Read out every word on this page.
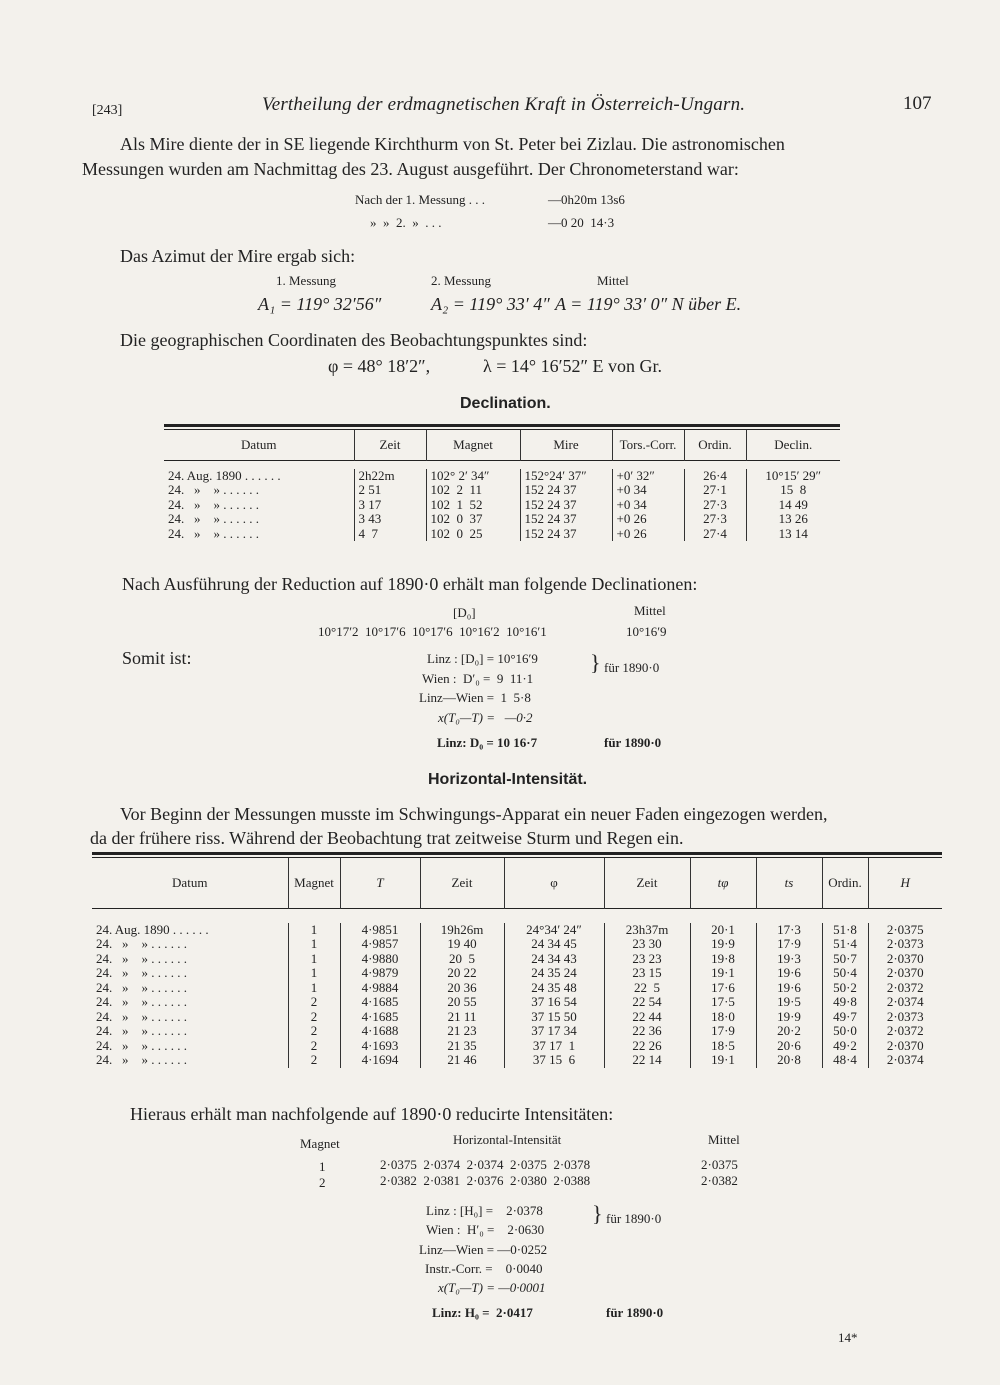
[243]	Vertheilung der erdmagnetischen Kraft in Österreich-Ungarn.	107
Als Mire diente der in SE liegende Kirchthurm von St. Peter bei Zizlau. Die astronomischen
Messungen wurden am Nachmittag des 23. August ausgeführt. Der Chronometerstand war:
Nach der 1. Messung . . .	—0h20m 13s6
»  »  2.  »  . . .	—0 20  14·3
Das Azimut der Mire ergab sich:
1. Messung	2. Messung	Mittel
A₁ = 119° 32′56″	A₂ = 119° 33′ 4″ A = 119° 33′ 0″ N über E.
Die geographischen Coordinaten des Beobachtungspunktes sind:
φ = 48° 18′2″,	λ = 14° 16′52″ E von Gr.
Declination.
Datum	Zeit	Magnet	Mire	Tors.-Corr.	Ordin.	Declin.

24. Aug. 1890 . . . . . .	2h22m	102° 2′ 34″	152°24′ 37″	+0′ 32″	26·4	10°15′ 29″
24.   »    » . . . . . .	2 51	102  2  11	152 24 37	+0 34	27·1	15  8
24.   »    » . . . . . .	3 17	102  1  52	152 24 37	+0 34	27·3	14 49
24.   »    » . . . . . .	3 43	102  0  37	152 24 37	+0 26	27·3	13 26
24.   »    » . . . . . .	4  7	102  0  25	152 24 37	+0 26	27·4	13 14

Nach Ausführung der Reduction auf 1890·0 erhält man folgende Declinationen:
[D₀]	Mittel
10°17′2  10°17′6  10°17′6  10°16′2  10°16′1	10°16′9
Somit ist:	Linz : [D₀] = 10°16′9
Wien :  D′₀ =  9  11·1
} für 1890·0
Linz—Wien =  1  5·8
x(T₀—T) =   —0·2
Linz: D₀ = 10 16·7	für 1890·0
Horizontal-Intensität.
Vor Beginn der Messungen musste im Schwingungs-Apparat ein neuer Faden eingezogen werden,
da der frühere riss. Während der Beobachtung trat zeitweise Sturm und Regen ein.
Datum	Magnet	T	Zeit	φ	Zeit	tφ	ts	Ordin.	H

24. Aug. 1890 . . . . . .	1	4·9851	19h26m	24°34′ 24″	23h37m	20·1	17·3	51·8	2·0375
24.   »    » . . . . . .	1	4·9857	19 40	24 34 45	23 30	19·9	17·9	51·4	2·0373
24.   »    » . . . . . .	1	4·9880	20  5	24 34 43	23 23	19·8	19·3	50·7	2·0370
24.   »    » . . . . . .	1	4·9879	20 22	24 35 24	23 15	19·1	19·6	50·4	2·0370
24.   »    » . . . . . .	1	4·9884	20 36	24 35 48	22  5	17·6	19·6	50·2	2·0372
24.   »    » . . . . . .	2	4·1685	20 55	37 16 54	22 54	17·5	19·5	49·8	2·0374
24.   »    » . . . . . .	2	4·1685	21 11	37 15 50	22 44	18·0	19·9	49·7	2·0373
24.   »    » . . . . . .	2	4·1688	21 23	37 17 34	22 36	17·9	20·2	50·0	2·0372
24.   »    » . . . . . .	2	4·1693	21 35	37 17  1	22 26	18·5	20·6	49·2	2·0370
24.   »    » . . . . . .	2	4·1694	21 46	37 15  6	22 14	19·1	20·8	48·4	2·0374

Hieraus erhält man nachfolgende auf 1890·0 reducirte Intensitäten:
Magnet	Horizontal-Intensität	Mittel
1	2·0375  2·0374  2·0374  2·0375  2·0378	2·0375
2	2·0382  2·0381  2·0376  2·0380  2·0388	2·0382
Linz : [H₀] =    2·0378
Wien :  H′₀ =    2·0630
} für 1890·0
Linz—Wien = —0·0252
Instr.-Corr. =    0·0040
x(T₀—T) = —0·0001
Linz: H₀ =  2·0417	für 1890·0
14*
